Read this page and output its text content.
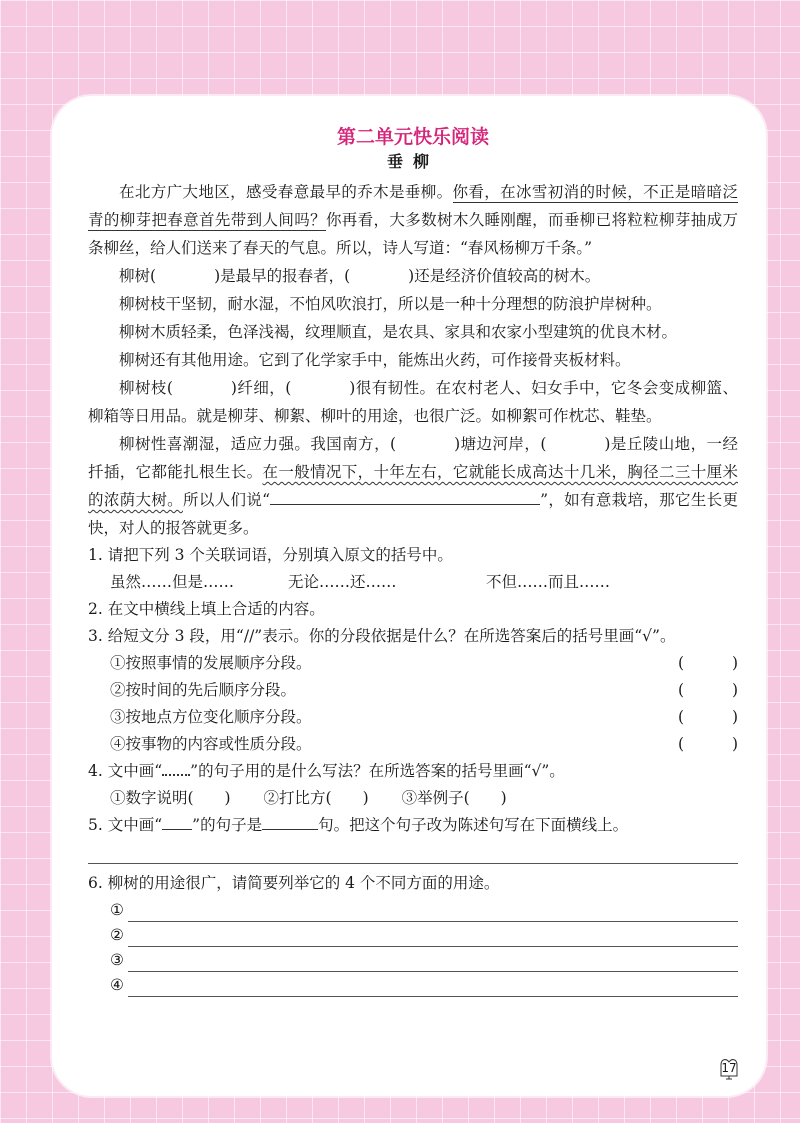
第二单元快乐阅读
垂柳

在北方广大地区，感受春意最早的乔木是垂柳。你看，在冰雪初消的时候，不正是暗暗泛青的柳芽把春意首先带到人间吗？你再看，大多数树木久睡刚醒，而垂柳已将粒粒柳芽抽成万条柳丝，给人们送来了春天的气息。所以，诗人写道：“春风杨柳万千条。”

柳树(	)是最早的报春者，(	)还是经济价值较高的树木。

柳树枝干坚韧，耐水湿，不怕风吹浪打，所以是一种十分理想的防浪护岸树种。

柳树木质轻柔，色泽浅褐，纹理顺直，是农具、家具和农家小型建筑的优良木材。

柳树还有其他用途。它到了化学家手中，能炼出火药，可作接骨夹板材料。

柳树枝(	)纤细，(	)很有韧性。在农村老人、妇女手中，它冬会变成柳篮、柳箱等日用品。就是柳芽、柳絮、柳叶的用途，也很广泛。如柳絮可作枕芯、鞋垫。

柳树性喜潮湿，适应力强。我国南方，(	)塘边河岸，(	)是丘陵山地，一经扦插，它都能扎根生长。在一般情况下，十年左右，它就能长成高达十几米，胸径二三十厘米的浓荫大树。所以人们说“	”，如有意栽培，那它生长更快，对人的报答就更多。

1. 请把下列 3 个关联词语，分别填入原文的括号中。

虽然……但是……	无论……还……	不但……而且……

2. 在文中横线上填上合适的内容。

3. 给短文分 3 段，用“//”表示。你的分段依据是什么？在所选答案后的括号里画“√”。

①按照事情的发展顺序分段。	(	)
②按时间的先后顺序分段。	(	)
③按地点方位变化顺序分段。	(	)
④按事物的内容或性质分段。	(	)

4. 文中画“ ”的句子用的是什么写法？在所选答案的括号里画“√”。

①数字说明(　　) ②打比方(　　) ③举例子(　　)

5. 文中画“ ”的句子是	句。把这个句子改为陈述句写在下面横线上。

6. 柳树的用途很广，请简要列举它的 4 个不同方面的用途。

①
②
③
④
17
